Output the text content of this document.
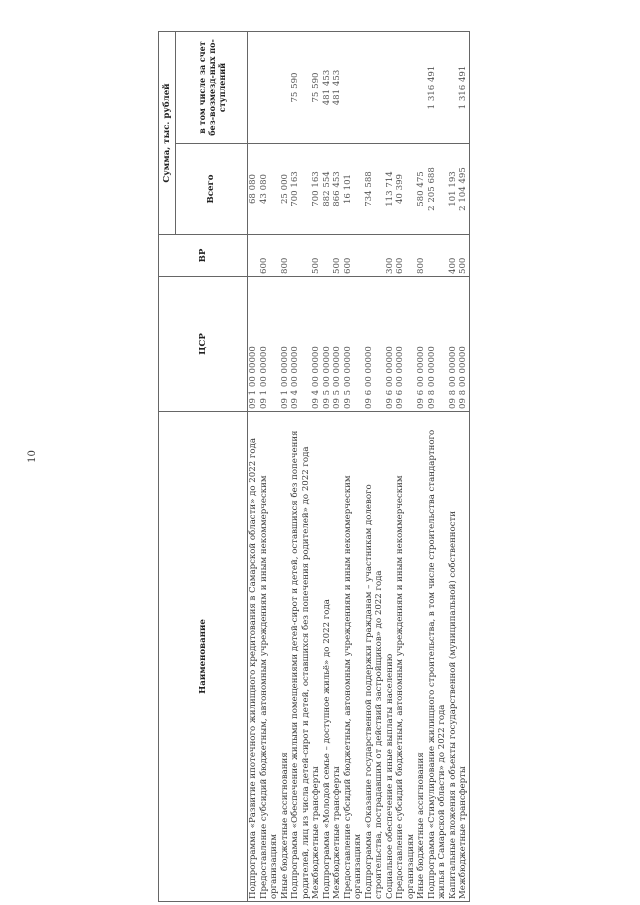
10
Наименование	ЦСР	ВР	Сумма, тыс. рублей	
			Всего	в том числе за счет без-возмезд-ных по-ступлений
Подпрограмма «Развитие ипотечного жилищного кредитования в Самарской области» до 2022 года	09 1 00 00000		68 080	
Предоставление субсидий бюджетным, автономным учреждениям и иным некоммерческим организациям	09 1 00 00000	600	43 080	
Иные бюджетные ассигнования	09 1 00 00000	800	25 000	
Подпрограмма «Обеспечение жилыми помещениями детей-сирот и детей, оставшихся без попечения родителей, лиц из числа детей-сирот и детей, оставшихся без попечения родителей» до 2022 года	09 4 00 00000		700 163	75 590
Межбюджетные трансферты	09 4 00 00000	500	700 163	75 590
Подпрограмма «Молодой семье – доступное жильё» до 2022 года	09 5 00 00000		882 554	481 453
Межбюджетные трансферты	09 5 00 00000	500	866 453	481 453
Предоставление субсидий бюджетным, автономным учреждениям и иным некоммерческим организациям	09 5 00 00000	600	16 101	
Подпрограмма «Оказание государственной поддержки гражданам – участникам долевого строительства, пострадавшим от действий застройщиков» до 2022 года	09 6 00 00000		734 588	
Социальное обеспечение и иные выплаты населению	09 6 00 00000	300	113 714	
Предоставление субсидий бюджетным, автономным учреждениям и иным некоммерческим организациям	09 6 00 00000	600	40 399	
Иные бюджетные ассигнования	09 6 00 00000	800	580 475	
Подпрограмма «Стимулирование жилищного строительства, в том числе строительства стандартного жилья в Самарской области» до 2022 года	09 8 00 00000		2 205 688	1 316 491
Капитальные вложения в объекты государственной (муниципальной) собственности	09 8 00 00000	400	101 193	
Межбюджетные трансферты	09 8 00 00000	500	2 104 495	1 316 491
